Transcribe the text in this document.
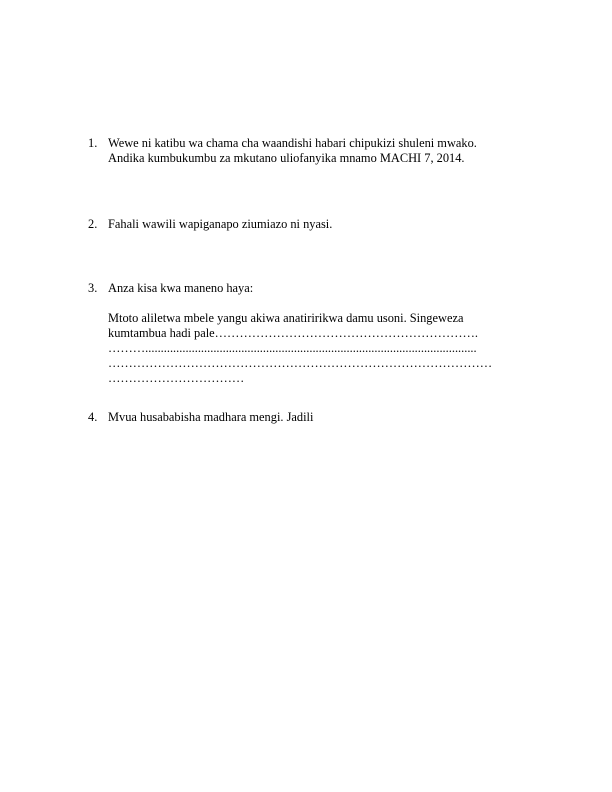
1. Wewe ni katibu wa chama cha waandishi habari chipukizi shuleni mwako.
Andika kumbukumbu za mkutano uliofanyika mnamo MACHI 7, 2014.
2. Fahali wawili wapiganapo ziumiazo ni nyasi.
3. Anza kisa kwa maneno haya:
Mtoto aliletwa mbele yangu akiwa anatiririkwa damu usoni. Singeweza
kumtambua hadi pale……………………………………………………….
………...........................................................................................................
…………………………………………………………………………………
……………………………
4. Mvua husababisha madhara mengi. Jadili
